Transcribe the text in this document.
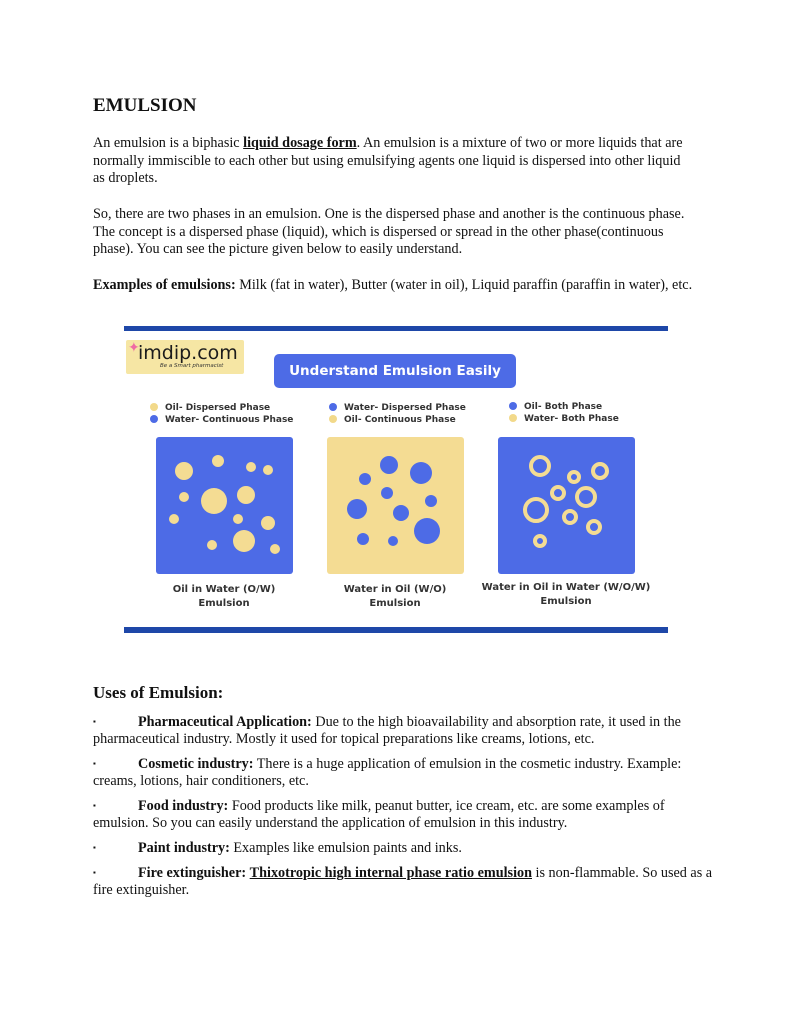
EMULSION

An emulsion is a biphasic liquid dosage form. An emulsion is a mixture of two or more liquids that are normally immiscible to each other but using emulsifying agents one liquid is dispersed into other liquid as droplets.

So, there are two phases in an emulsion. One is the dispersed phase and another is the continuous phase. The concept is a dispersed phase (liquid), which is dispersed or spread in the other phase(continuous phase). You can see the picture given below to easily understand.

Examples of emulsions: Milk (fat in water), Butter (water in oil), Liquid paraffin (paraffin in water), etc.

✦
imdip.com
Be a Smart pharmacist	Understand Emulsion Easily
Oil- Dispersed Phase
Water- Continuous Phase
Water- Dispersed Phase
Oil- Continuous Phase
Oil- Both Phase
Water- Both Phase
Oil in Water (O/W)
Emulsion
Water in Oil (W/O)
Emulsion
Water in Oil in Water (W/O/W)
Emulsion
Uses of Emulsion:
▪	Pharmaceutical Application: Due to the high bioavailability and absorption rate, it used in the pharmaceutical industry. Mostly it used for topical preparations like creams, lotions, etc.
▪	Cosmetic industry: There is a huge application of emulsion in the cosmetic industry. Example: creams, lotions, hair conditioners, etc.
▪	Food industry: Food products like milk, peanut butter, ice cream, etc. are some examples of emulsion. So you can easily understand the application of emulsion in this industry.
▪	Paint industry: Examples like emulsion paints and inks.
▪	Fire extinguisher: Thixotropic high internal phase ratio emulsion is non-flammable. So used as a fire extinguisher.
